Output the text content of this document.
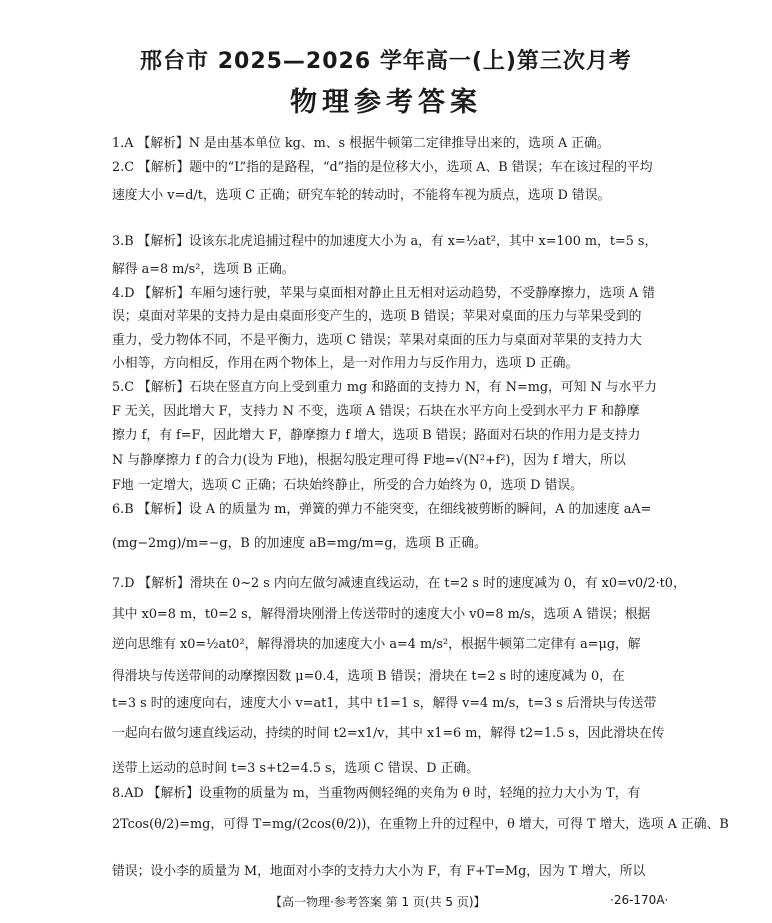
邢台市 2025—2026 学年高一(上)第三次月考
物理参考答案
1.A 【解析】N 是由基本单位 kg、m、s 根据牛顿第二定律推导出来的，选项 A 正确。
2.C 【解析】题中的“L”指的是路程，“d”指的是位移大小，选项 A、B 错误；车在该过程的平均
速度大小 v=d/t，选项 C 正确；研究车轮的转动时，不能将车视为质点，选项 D 错误。
3.B 【解析】设该东北虎追捕过程中的加速度大小为 a，有 x=½at²，其中 x=100 m，t=5 s，
解得 a=8 m/s²，选项 B 正确。
4.D 【解析】车厢匀速行驶，苹果与桌面相对静止且无相对运动趋势，不受静摩擦力，选项 A 错
误；桌面对苹果的支持力是由桌面形变产生的，选项 B 错误；苹果对桌面的压力与苹果受到的
重力，受力物体不同，不是平衡力，选项 C 错误；苹果对桌面的压力与桌面对苹果的支持力大
小相等，方向相反，作用在两个物体上，是一对作用力与反作用力，选项 D 正确。
5.C 【解析】石块在竖直方向上受到重力 mg 和路面的支持力 N，有 N=mg，可知 N 与水平力
F 无关，因此增大 F，支持力 N 不变，选项 A 错误；石块在水平方向上受到水平力 F 和静摩
擦力 f，有 f=F，因此增大 F，静摩擦力 f 增大，选项 B 错误；路面对石块的作用力是支持力
N 与静摩擦力 f 的合力(设为 F地)，根据勾股定理可得 F地=√(N²+f²)，因为 f 增大，所以
F地 一定增大，选项 C 正确；石块始终静止，所受的合力始终为 0，选项 D 错误。
6.B 【解析】设 A 的质量为 m，弹簧的弹力不能突变，在细线被剪断的瞬间，A 的加速度 aA=
(mg−2mg)/m=−g，B 的加速度 aB=mg/m=g，选项 B 正确。
7.D 【解析】滑块在 0~2 s 内向左做匀减速直线运动，在 t=2 s 时的速度减为 0，有 x0=v0/2·t0，
其中 x0=8 m，t0=2 s，解得滑块刚滑上传送带时的速度大小 v0=8 m/s，选项 A 错误；根据
逆向思维有 x0=½at0²，解得滑块的加速度大小 a=4 m/s²，根据牛顿第二定律有 a=μg，解
得滑块与传送带间的动摩擦因数 μ=0.4，选项 B 错误；滑块在 t=2 s 时的速度减为 0，在
t=3 s 时的速度向右，速度大小 v=at1，其中 t1=1 s，解得 v=4 m/s，t=3 s 后滑块与传送带
一起向右做匀速直线运动，持续的时间 t2=x1/v，其中 x1=6 m，解得 t2=1.5 s，因此滑块在传
送带上运动的总时间 t=3 s+t2=4.5 s，选项 C 错误、D 正确。
8.AD 【解析】设重物的质量为 m，当重物两侧轻绳的夹角为 θ 时，轻绳的拉力大小为 T，有
2Tcos(θ/2)=mg，可得 T=mg/(2cos(θ/2))，在重物上升的过程中，θ 增大，可得 T 增大，选项 A 正确、B
错误；设小李的质量为 M，地面对小李的支持力大小为 F，有 F+T=Mg，因为 T 增大，所以
【高一物理·参考答案 第 1 页(共 5 页)】	·26-170A·
